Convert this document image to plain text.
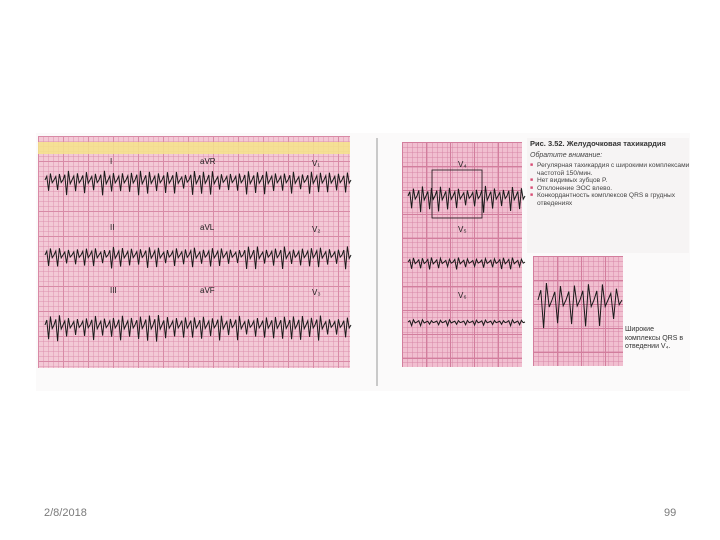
Рис. 3.52. Желудочковая тахикардия
Обратите внимание:
■ Регулярная тахикардия с широкими комплексами частотой 150/мин.
■ Нет видимых зубцов P.
■ Отклонение ЭОС влево.
■ Конкордантность комплексов QRS в грудных отведениях
Широкие комплексы QRS в отведении V₄.
I	aVR	V₁
II	aVL	V₂
III	aVF	V₃
V₄
V₅
V₆
2/8/2018	99
